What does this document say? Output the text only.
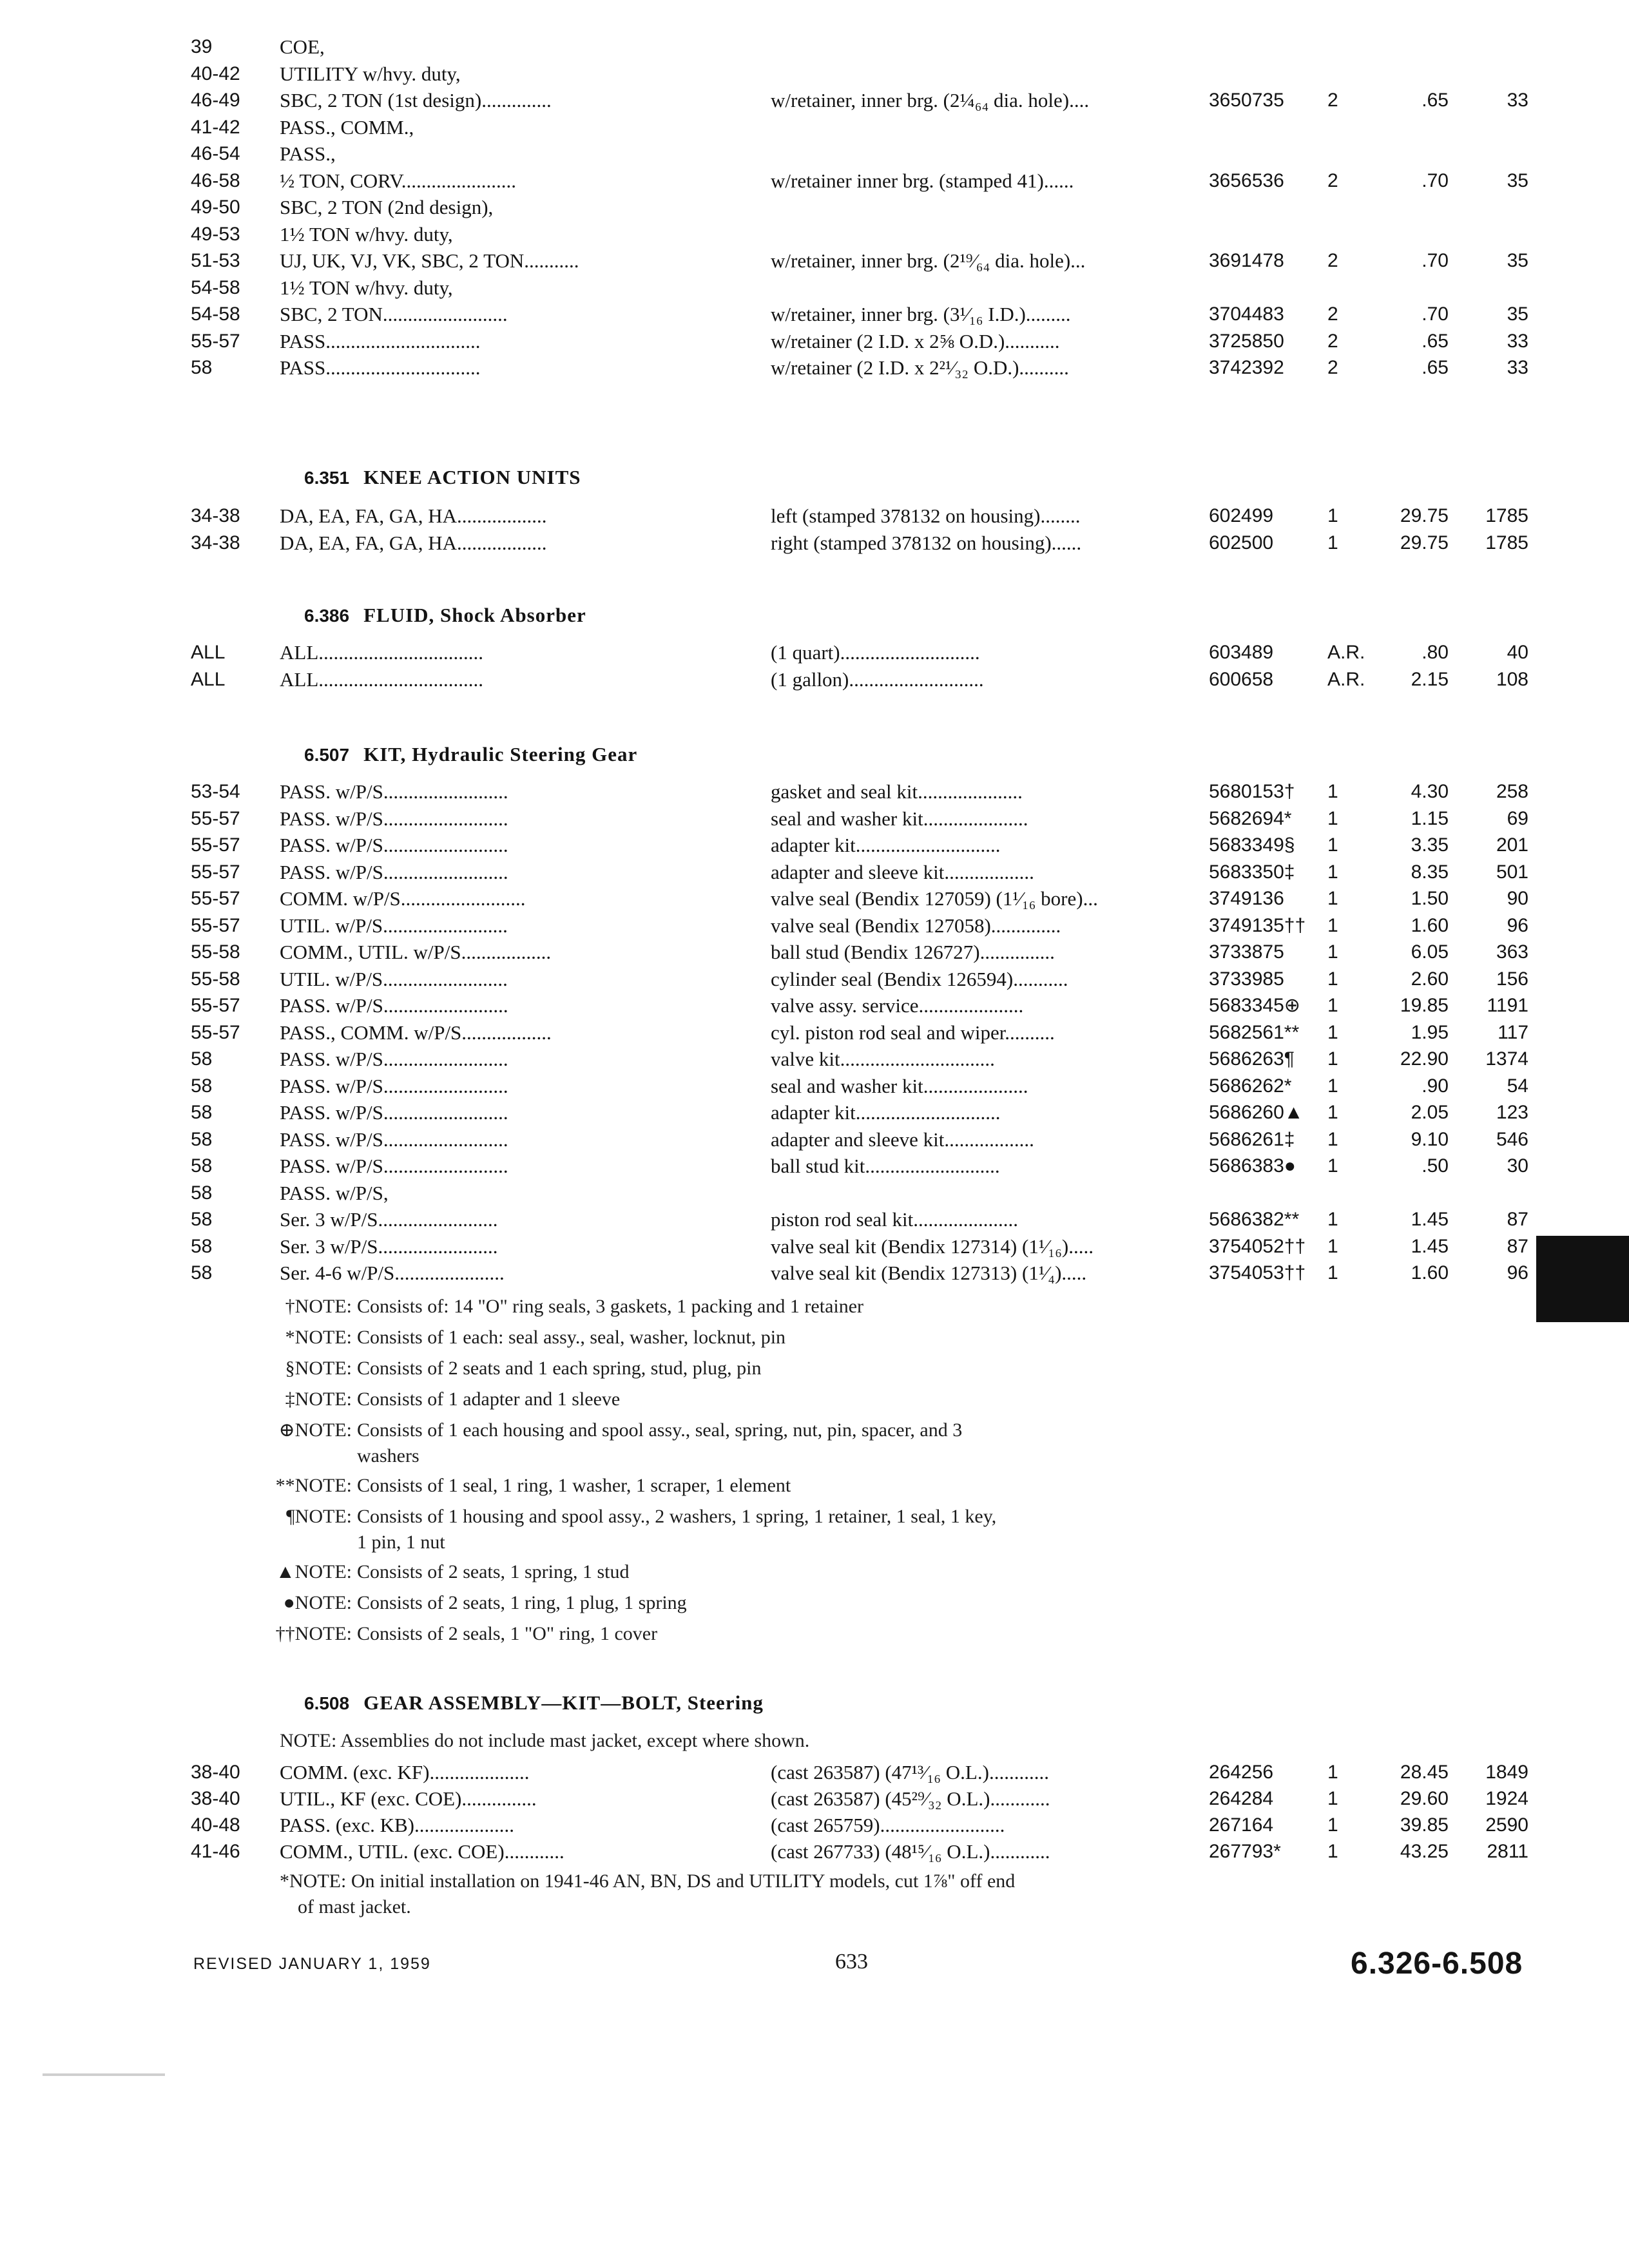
39	COE,
40-42	UTILITY w/hvy. duty,
46-49	SBC, 2 TON (1st design)..............	w/retainer, inner brg. (2¼₆₄ dia. hole)....	3650735	2	.65	33
41-42	PASS., COMM.,
46-54	PASS.,
46-58	½ TON, CORV.......................	w/retainer inner brg. (stamped 41)......	3656536	2	.70	35
49-50	SBC, 2 TON (2nd design),
49-53	1½ TON w/hvy. duty,
51-53	UJ, UK, VJ, VK, SBC, 2 TON...........	w/retainer, inner brg. (2¹⁹⁄₆₄ dia. hole)...	3691478	2	.70	35
54-58	1½ TON w/hvy. duty,
54-58	SBC, 2 TON.........................	w/retainer, inner brg. (3¹⁄₁₆ I.D.).........	3704483	2	.70	35
55-57	PASS...............................	w/retainer (2 I.D. x 2⅝ O.D.)...........	3725850	2	.65	33
58	PASS...............................	w/retainer (2 I.D. x 2²¹⁄₃₂ O.D.)..........	3742392	2	.65	33
6.351 KNEE ACTION UNITS
34-38	DA, EA, FA, GA, HA..................	left (stamped 378132 on housing)........	602499	1	29.75	1785
34-38	DA, EA, FA, GA, HA..................	right (stamped 378132 on housing)......	602500	1	29.75	1785
6.386 FLUID, Shock Absorber
ALL	ALL.................................	(1 quart)............................	603489	A.R.	.80	40
ALL	ALL.................................	(1 gallon)...........................	600658	A.R.	2.15	108
6.507 KIT, Hydraulic Steering Gear
53-54	PASS. w/P/S.........................	gasket and seal kit.....................	5680153†	1	4.30	258
55-57	PASS. w/P/S.........................	seal and washer kit.....................	5682694*	1	1.15	69
55-57	PASS. w/P/S.........................	adapter kit.............................	5683349§	1	3.35	201
55-57	PASS. w/P/S.........................	adapter and sleeve kit..................	5683350‡	1	8.35	501
55-57	COMM. w/P/S.........................	valve seal (Bendix 127059) (1¹⁄₁₆ bore)...	3749136	1	1.50	90
55-57	UTIL. w/P/S.........................	valve seal (Bendix 127058)..............	3749135††	1	1.60	96
55-58	COMM., UTIL. w/P/S..................	ball stud (Bendix 126727)...............	3733875	1	6.05	363
55-58	UTIL. w/P/S.........................	cylinder seal (Bendix 126594)...........	3733985	1	2.60	156
55-57	PASS. w/P/S.........................	valve assy. service.....................	5683345⊕	1	19.85	1191
55-57	PASS., COMM. w/P/S..................	cyl. piston rod seal and wiper..........	5682561**	1	1.95	117
58	PASS. w/P/S.........................	valve kit...............................	5686263¶	1	22.90	1374
58	PASS. w/P/S.........................	seal and washer kit.....................	5686262*	1	.90	54
58	PASS. w/P/S.........................	adapter kit.............................	5686260▲	1	2.05	123
58	PASS. w/P/S.........................	adapter and sleeve kit..................	5686261‡	1	9.10	546
58	PASS. w/P/S.........................	ball stud kit...........................	5686383●	1	.50	30
58	PASS. w/P/S,
58	Ser. 3 w/P/S........................	piston rod seal kit.....................	5686382**	1	1.45	87
58	Ser. 3 w/P/S........................	valve seal kit (Bendix 127314) (1¹⁄₁₆).....	3754052††	1	1.45	87
58	Ser. 4-6 w/P/S......................	valve seal kit (Bendix 127313) (1¹⁄₄).....	3754053††	1	1.60	96
†NOTE: Consists of: 14 "O" ring seals, 3 gaskets, 1 packing and 1 retainer
*NOTE: Consists of 1 each: seal assy., seal, washer, locknut, pin
§NOTE: Consists of 2 seats and 1 each spring, stud, plug, pin
‡NOTE: Consists of 1 adapter and 1 sleeve
⊕NOTE: Consists of 1 each housing and spool assy., seal, spring, nut, pin, spacer, and 3
washers
**NOTE: Consists of 1 seal, 1 ring, 1 washer, 1 scraper, 1 element
¶NOTE: Consists of 1 housing and spool assy., 2 washers, 1 spring, 1 retainer, 1 seal, 1 key,
1 pin, 1 nut
▲NOTE: Consists of 2 seats, 1 spring, 1 stud
●NOTE: Consists of 2 seats, 1 ring, 1 plug, 1 spring
††NOTE: Consists of 2 seals, 1 "O" ring, 1 cover
6.508 GEAR ASSEMBLY—KIT—BOLT, Steering
NOTE: Assemblies do not include mast jacket, except where shown.
38-40	COMM. (exc. KF)....................	(cast 263587) (47¹³⁄₁₆ O.L.)............	264256	1	28.45	1849
38-40	UTIL., KF (exc. COE)...............	(cast 263587) (45²⁹⁄₃₂ O.L.)............	264284	1	29.60	1924
40-48	PASS. (exc. KB)....................	(cast 265759).........................	267164	1	39.85	2590
41-46	COMM., UTIL. (exc. COE)............	(cast 267733) (48¹⁵⁄₁₆ O.L.)............	267793*	1	43.25	2811
*NOTE: On initial installation on 1941-46 AN, BN, DS and UTILITY models, cut 1⅞" off end
of mast jacket.
REVISED JANUARY 1, 1959	633	6.326-6.508
